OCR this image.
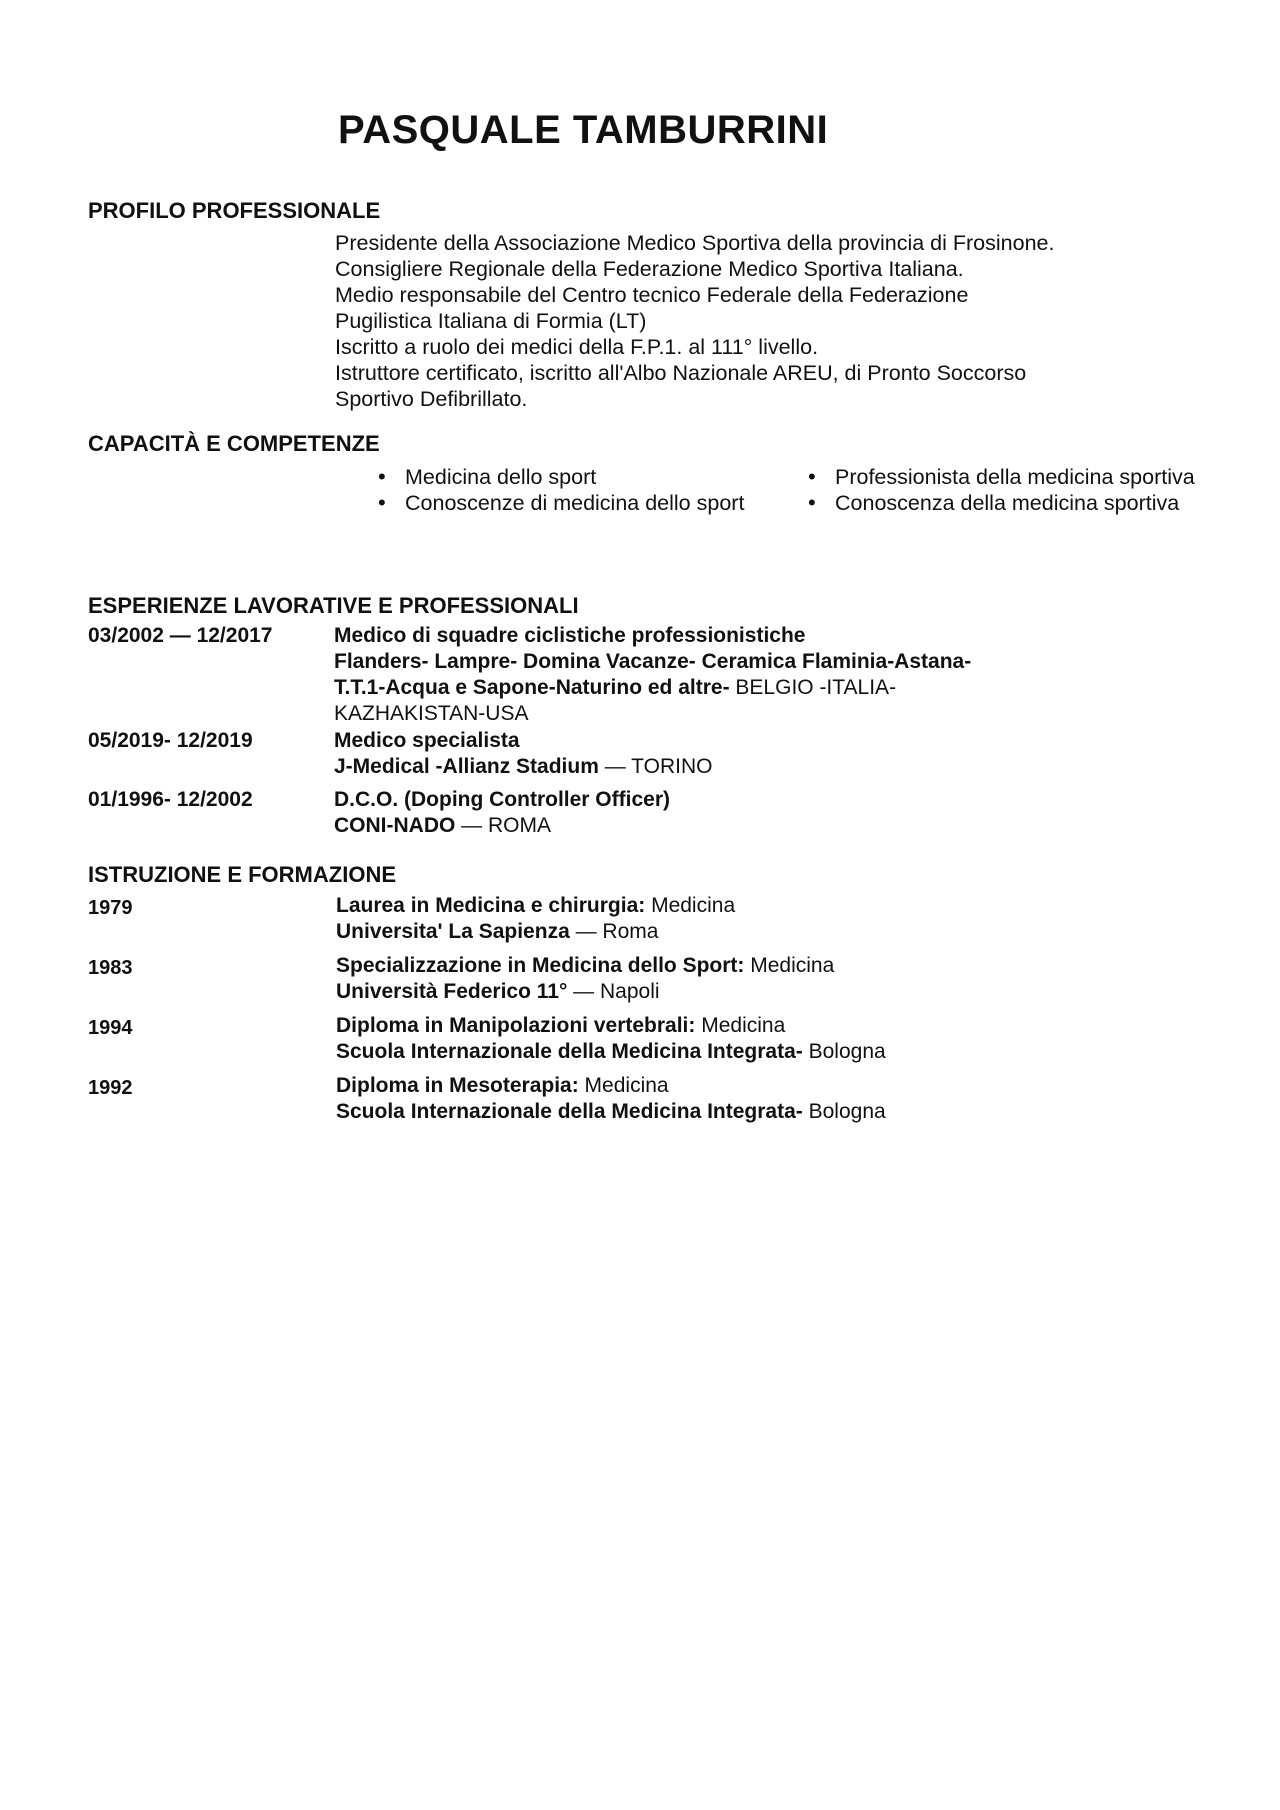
PASQUALE TAMBURRINI
PROFILO PROFESSIONALE
Presidente della Associazione Medico Sportiva della provincia di Frosinone.
Consigliere Regionale della Federazione Medico Sportiva Italiana.
Medio responsabile del Centro tecnico Federale della Federazione
Pugilistica Italiana di Formia (LT)
Iscritto a ruolo dei medici della F.P.1. al 111° livello.
Istruttore certificato, iscritto all'Albo Nazionale AREU, di Pronto Soccorso
Sportivo Defibrillato.
CAPACITÀ E COMPETENZE
• Medicina dello sport
• Conoscenze di medicina dello sport
• Professionista della medicina sportiva
• Conoscenza della medicina sportiva
ESPERIENZE LAVORATIVE E PROFESSIONALI
03/2002 — 12/2017	Medico di squadre ciclistiche professionistiche
Flanders- Lampre- Domina Vacanze- Ceramica Flaminia-Astana-
T.T.1-Acqua e Sapone-Naturino ed altre- BELGIO -ITALIA-
KAZHAKISTAN-USA
05/2019- 12/2019	Medico specialista
J-Medical -Allianz Stadium — TORINO
01/1996- 12/2002	D.C.O. (Doping Controller Officer)
CONI-NADO — ROMA
ISTRUZIONE E FORMAZIONE
1979	Laurea in Medicina e chirurgia: Medicina
Universita' La Sapienza — Roma
1983	Specializzazione in Medicina dello Sport: Medicina
Università Federico 11° — Napoli
1994	Diploma in Manipolazioni vertebrali: Medicina
Scuola Internazionale della Medicina Integrata- Bologna
1992	Diploma in Mesoterapia: Medicina
Scuola Internazionale della Medicina Integrata- Bologna
